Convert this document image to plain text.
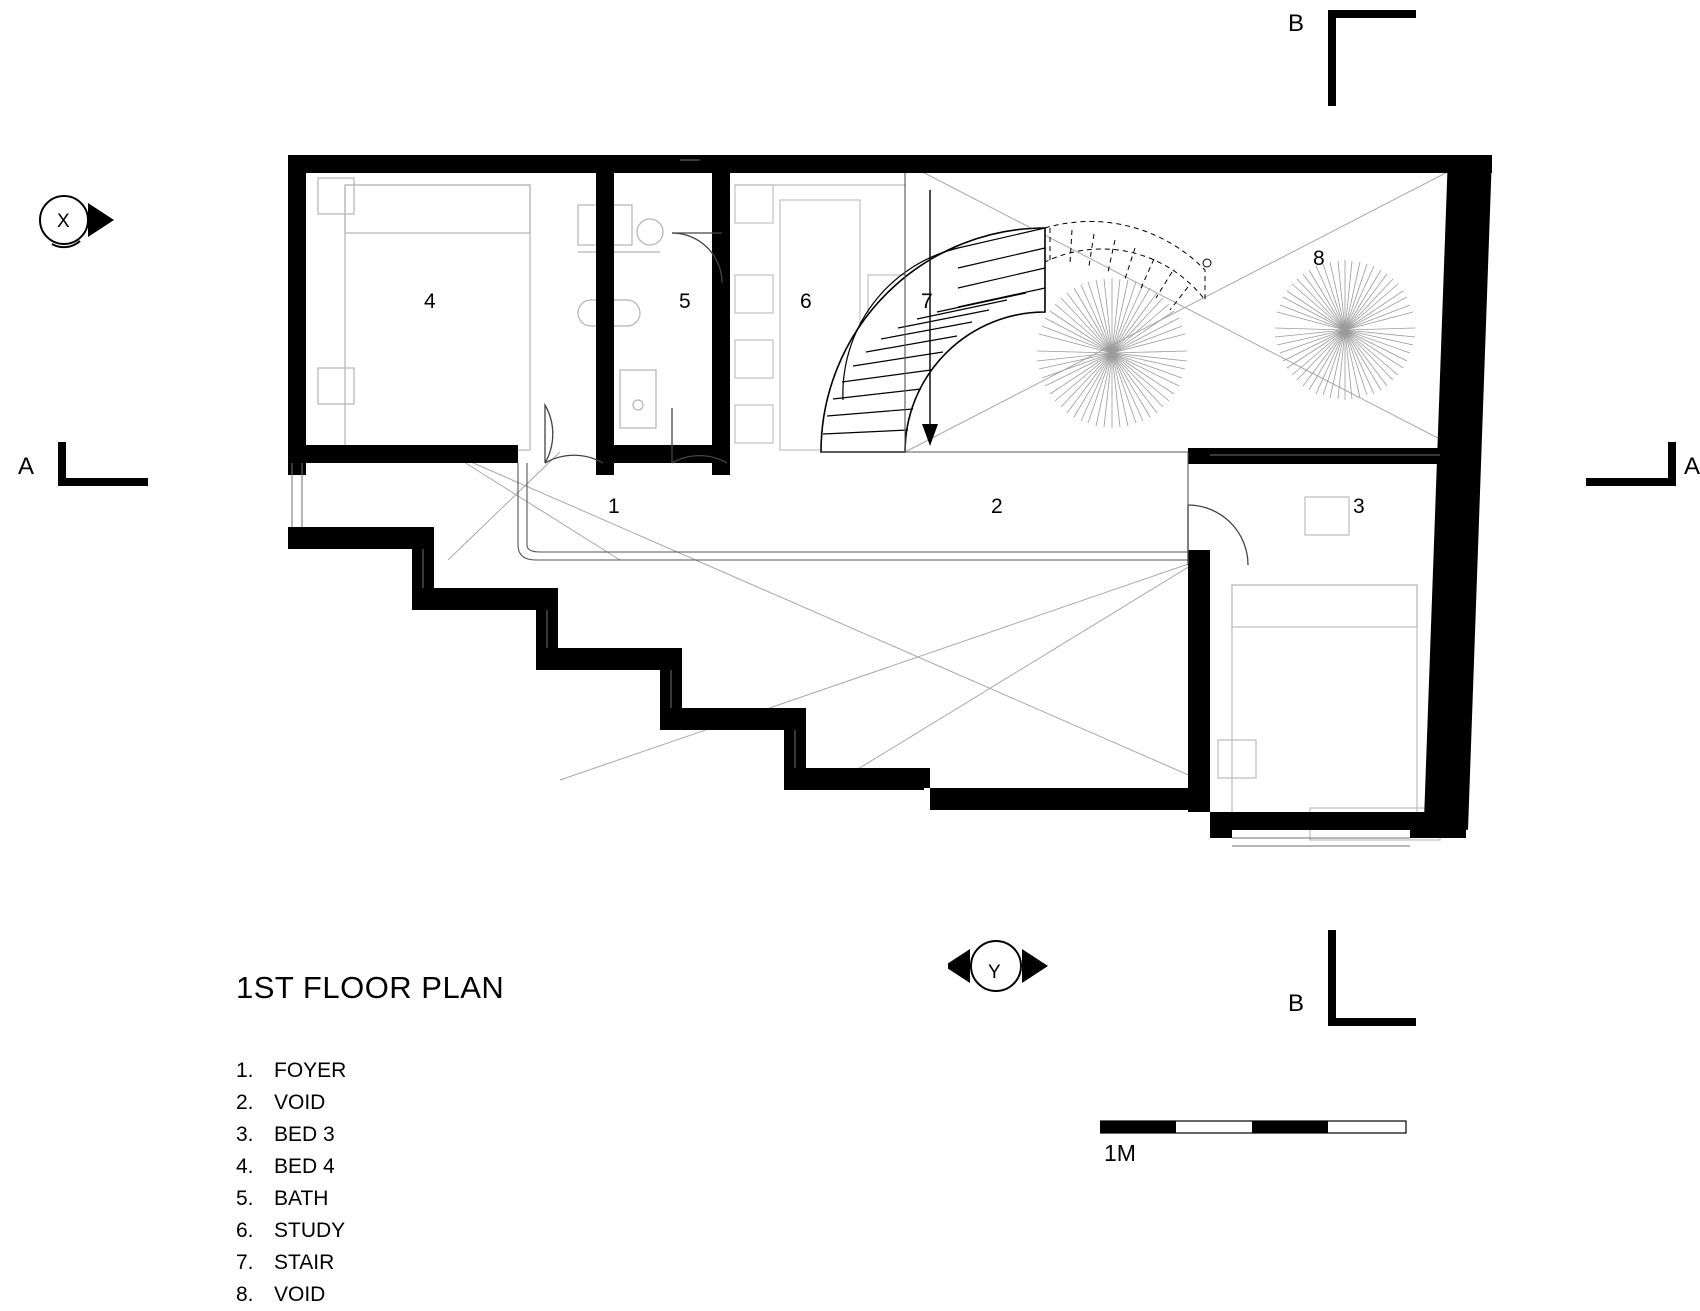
4	5	6	7
8
1	2	3
A	A
B
B
X
Y
1ST FLOOR PLAN
1. FOYER
2. VOID
3. BED 3
4. BED 4
5. BATH
6. STUDY
7. STAIR
8. VOID
1M
